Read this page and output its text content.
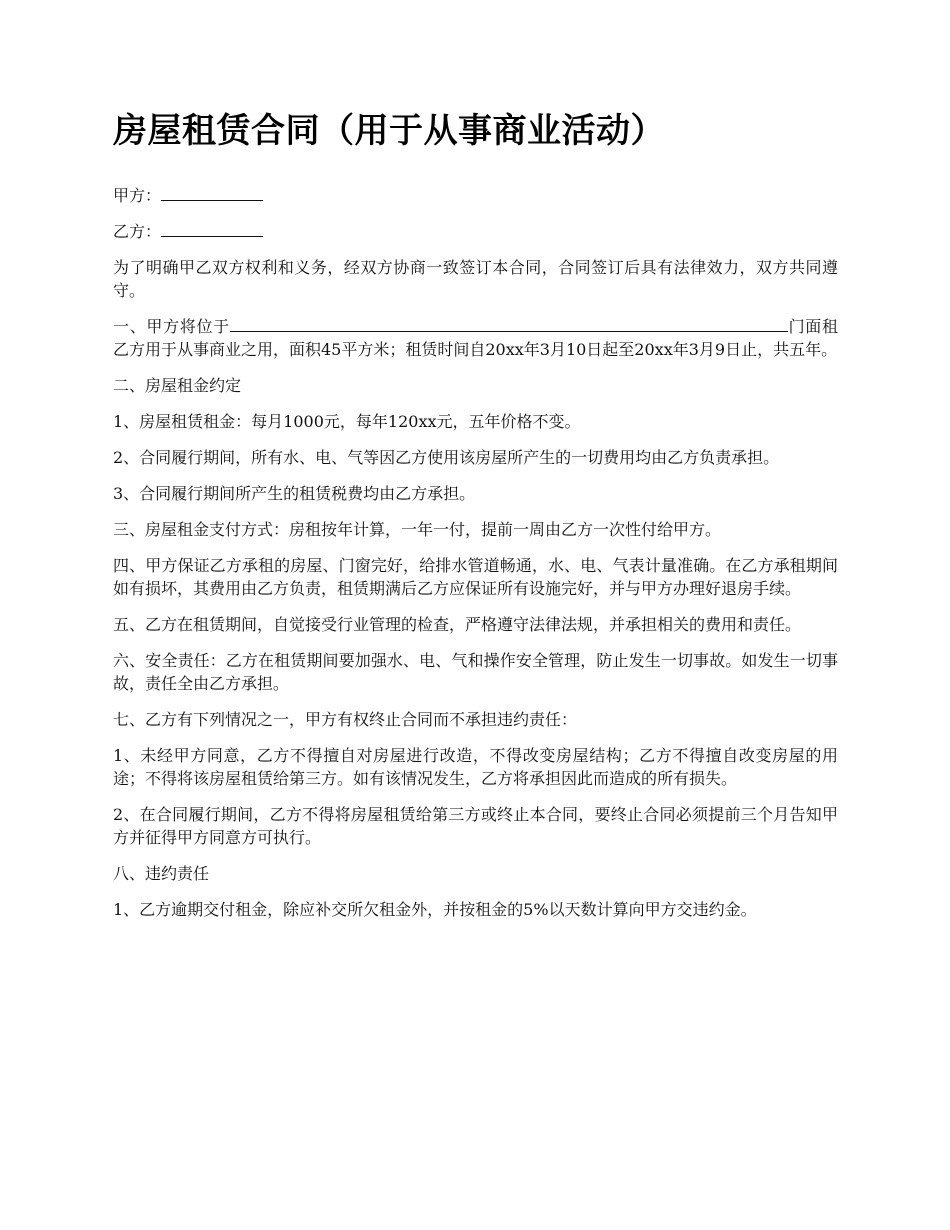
房屋租赁合同（用于从事商业活动）

甲方：

乙方：

为了明确甲乙双方权利和义务，经双方协商一致签订本合同，合同签订后具有法律效力，双方共同遵守。

一、甲方将位于	门面租乙方用于从事商业之用，面积45平方米；租赁时间自20xx年3月10日起至20xx年3月9日止，共五年。

二、房屋租金约定

1、房屋租赁租金：每月1000元，每年120xx元，五年价格不变。

2、合同履行期间，所有水、电、气等因乙方使用该房屋所产生的一切费用均由乙方负责承担。

3、合同履行期间所产生的租赁税费均由乙方承担。

三、房屋租金支付方式：房租按年计算，一年一付，提前一周由乙方一次性付给甲方。

四、甲方保证乙方承租的房屋、门窗完好，给排水管道畅通，水、电、气表计量准确。在乙方承租期间如有损坏，其费用由乙方负责，租赁期满后乙方应保证所有设施完好，并与甲方办理好退房手续。

五、乙方在租赁期间，自觉接受行业管理的检查，严格遵守法律法规，并承担相关的费用和责任。

六、安全责任：乙方在租赁期间要加强水、电、气和操作安全管理，防止发生一切事故。如发生一切事故，责任全由乙方承担。

七、乙方有下列情况之一，甲方有权终止合同而不承担违约责任：

1、未经甲方同意，乙方不得擅自对房屋进行改造，不得改变房屋结构；乙方不得擅自改变房屋的用途；不得将该房屋租赁给第三方。如有该情况发生，乙方将承担因此而造成的所有损失。

2、在合同履行期间，乙方不得将房屋租赁给第三方或终止本合同，要终止合同必须提前三个月告知甲方并征得甲方同意方可执行。

八、违约责任

1、乙方逾期交付租金，除应补交所欠租金外，并按租金的5%以天数计算向甲方交违约金。
